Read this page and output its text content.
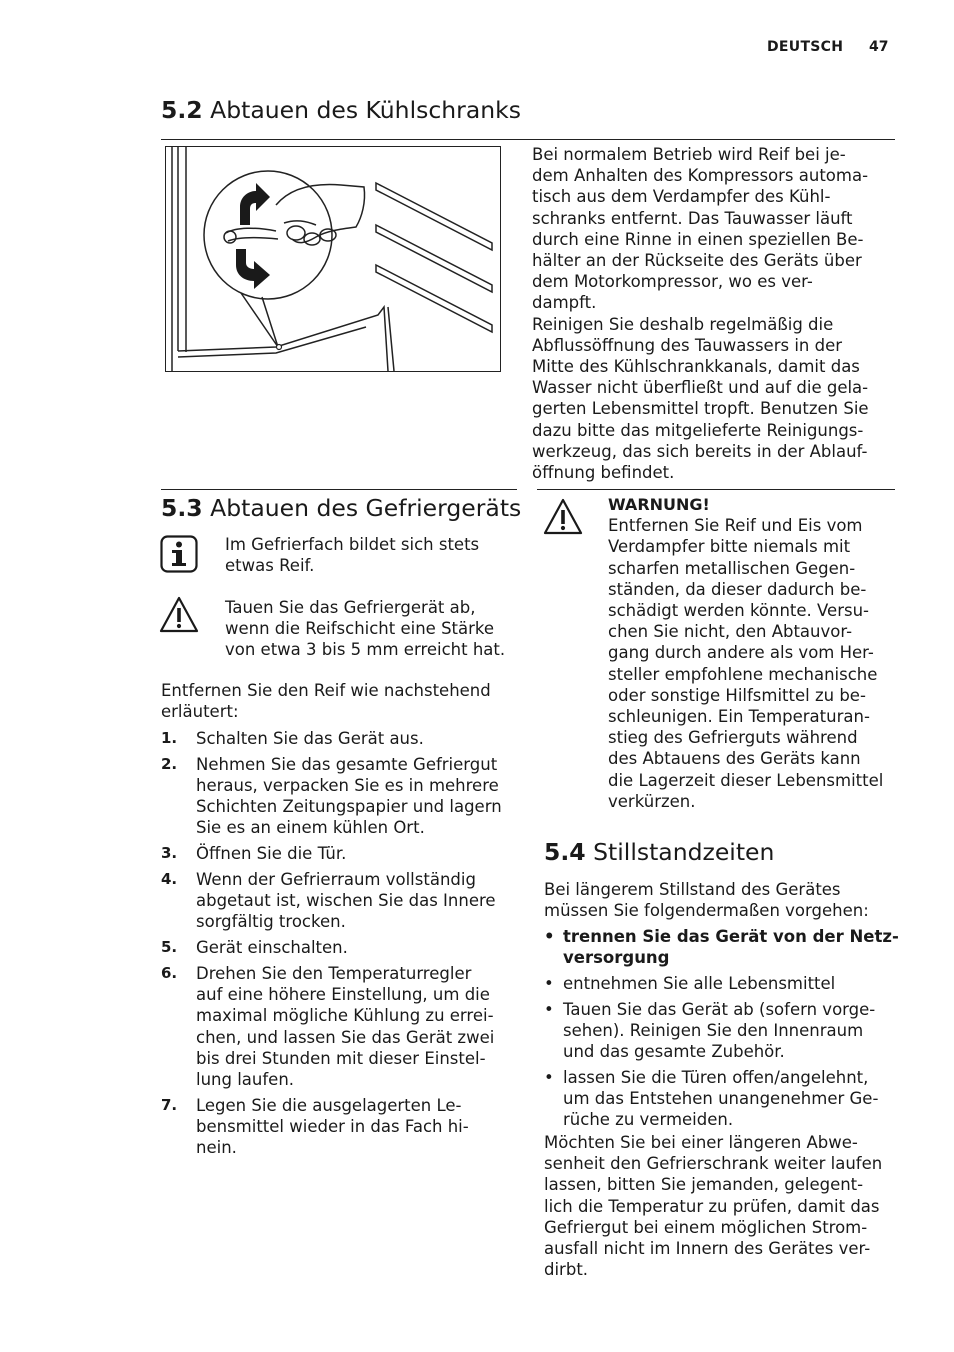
DEUTSCH 47
5.2 Abtauen des Kühlschranks

Bei normalem Betrieb wird Reif bei je-
dem Anhalten des Kompressors automa-
tisch aus dem Verdampfer des Kühl-
schranks entfernt. Das Tauwasser läuft
durch eine Rinne in einen speziellen Be-
hälter an der Rückseite des Geräts über
dem Motorkompressor, wo es ver-
dampft.

Reinigen Sie deshalb regelmäßig die
Abflussöffnung des Tauwassers in der
Mitte des Kühlschrankkanals, damit das
Wasser nicht überfließt und auf die gela-
gerten Lebensmittel tropft. Benutzen Sie
dazu bitte das mitgelieferte Reinigungs-
werkzeug, das sich bereits in der Ablauf-
öffnung befindet.

5.3 Abtauen des Gefriergeräts
Im Gefrierfach bildet sich stets
etwas Reif.
Tauen Sie das Gefriergerät ab,
wenn die Reifschicht eine Stärke
von etwa 3 bis 5 mm erreicht hat.
Entfernen Sie den Reif wie nachstehend
erläutert:
1. Schalten Sie das Gerät aus.
2. Nehmen Sie das gesamte Gefriergut
heraus, verpacken Sie es in mehrere
Schichten Zeitungspapier und lagern
Sie es an einem kühlen Ort.
3. Öffnen Sie die Tür.
4. Wenn der Gefrierraum vollständig
abgetaut ist, wischen Sie das Innere
sorgfältig trocken.
5. Gerät einschalten.
6. Drehen Sie den Temperaturregler
auf eine höhere Einstellung, um die
maximal mögliche Kühlung zu errei-
chen, und lassen Sie das Gerät zwei
bis drei Stunden mit dieser Einstel-
lung laufen.
7. Legen Sie die ausgelagerten Le-
bensmittel wieder in das Fach hi-
nein.
WARNUNG!
Entfernen Sie Reif und Eis vom
Verdampfer bitte niemals mit
scharfen metallischen Gegen-
ständen, da dieser dadurch be-
schädigt werden könnte. Versu-
chen Sie nicht, den Abtauvor-
gang durch andere als vom Her-
steller empfohlene mechanische
oder sonstige Hilfsmittel zu be-
schleunigen. Ein Temperaturan-
stieg des Gefrierguts während
des Abtauens des Geräts kann
die Lagerzeit dieser Lebensmittel
verkürzen.
5.4 Stillstandzeiten
Bei längerem Stillstand des Gerätes
müssen Sie folgendermaßen vorgehen:
• trennen Sie das Gerät von der Netz-
versorgung
• entnehmen Sie alle Lebensmittel
• Tauen Sie das Gerät ab (sofern vorge-
sehen). Reinigen Sie den Innenraum
und das gesamte Zubehör.
• lassen Sie die Türen offen/angelehnt,
um das Entstehen unangenehmer Ge-
rüche zu vermeiden.
Möchten Sie bei einer längeren Abwe-
senheit den Gefrierschrank weiter laufen
lassen, bitten Sie jemanden, gelegent-
lich die Temperatur zu prüfen, damit das
Gefriergut bei einem möglichen Strom-
ausfall nicht im Innern des Gerätes ver-
dirbt.
